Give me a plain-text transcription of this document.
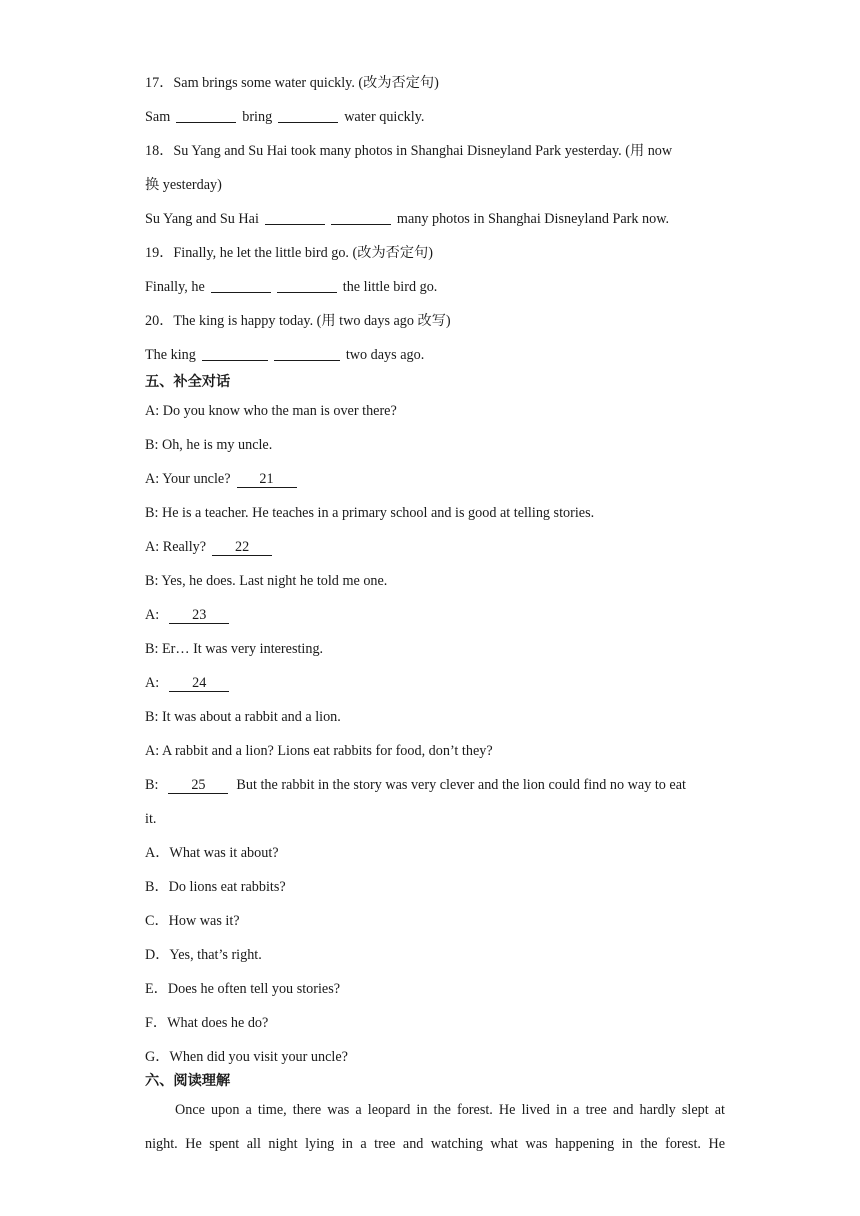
17．Sam brings some water quickly. (改为否定句)
Sam	bring	water quickly.
18．Su Yang and Su Hai took many photos in Shanghai Disneyland Park yesterday. (用 now
换 yesterday)
Su Yang and Su Hai	many photos in Shanghai Disneyland Park now.
19．Finally, he let the little bird go. (改为否定句)
Finally, he	the little bird go.
20．The king is happy today. (用 two days ago 改写)
The king	two days ago.
五、补全对话
A: Do you know who the man is over there?
B: Oh, he is my uncle.
A: Your uncle? 21
B: He is a teacher. He teaches in a primary school and is good at telling stories.
A: Really? 22
B: Yes, he does. Last night he told me one.
A: 23
B: Er… It was very interesting.
A: 24
B: It was about a rabbit and a lion.
A: A rabbit and a lion? Lions eat rabbits for food, don’t they?
B: 25 But the rabbit in the story was very clever and the lion could find no way to eat
it.
A．What was it about?
B．Do lions eat rabbits?
C．How was it?
D．Yes, that’s right.
E．Does he often tell you stories?
F．What does he do?
G．When did you visit your uncle?
六、阅读理解
Once upon a time, there was a leopard in the forest. He lived in a tree and hardly slept at
night. He spent all night lying in a tree and watching what was happening in the forest. He
